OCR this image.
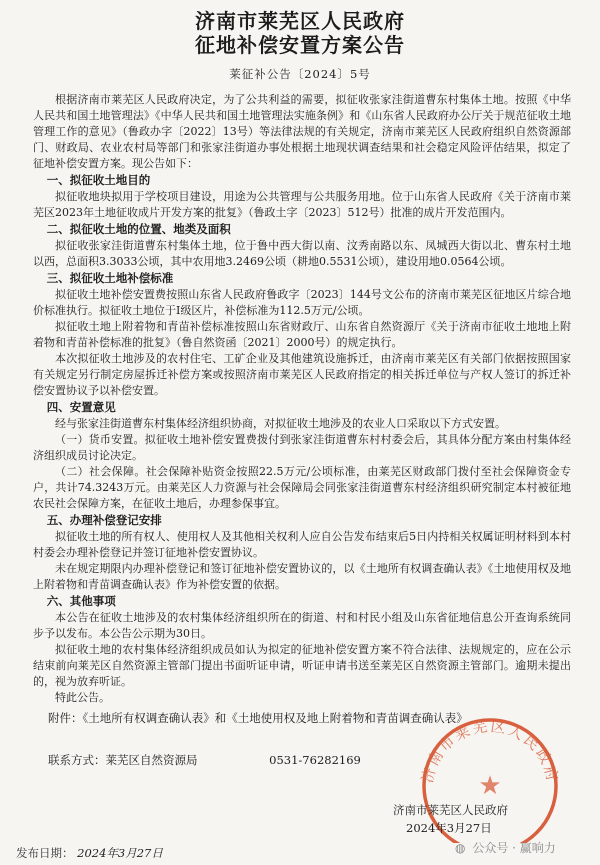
济南市莱芜区人民政府
征地补偿安置方案公告
莱征补公告〔2024〕5号

根据济南市莱芜区人民政府决定，为了公共利益的需要，拟征收张家洼街道曹东村集体土地。按照《中华人民共和国土地管理法》《中华人民共和国土地管理法实施条例》和《山东省人民政府办公厅关于规范征收土地管理工作的意见》（鲁政办字〔2022〕13号）等法律法规的有关规定，济南市莱芜区人民政府组织自然资源部门、财政局、农业农村局等部门和张家洼街道办事处根据土地现状调查结果和社会稳定风险评估结果，拟定了征地补偿安置方案。现公告如下：

一、拟征收土地目的

拟征收地块拟用于学校项目建设，用途为公共管理与公共服务用地。位于山东省人民政府《关于济南市莱芜区2023年土地征收成片开发方案的批复》（鲁政土字〔2023〕512号）批准的成片开发范围内。

二、拟征收土地的位置、地类及面积

拟征收张家洼街道曹东村集体土地，位于鲁中西大街以南、汶秀南路以东、凤城西大街以北、曹东村土地以西，总面积3.3033公顷，其中农用地3.2469公顷（耕地0.5531公顷），建设用地0.0564公顷。

三、拟征收土地补偿标准

拟征收土地补偿安置费按照山东省人民政府鲁政字〔2023〕144号文公布的济南市莱芜区征地区片综合地价标准执行。拟征收土地位于Ⅰ级区片，补偿标准为112.5万元/公顷。

拟征收土地上附着物和青苗补偿标准按照山东省财政厅、山东省自然资源厅《关于济南市征收土地地上附着物和青苗补偿标准的批复》（鲁自然资函〔2021〕2000号）的规定执行。

本次拟征收土地涉及的农村住宅、工矿企业及其他建筑设施拆迁，由济南市莱芜区有关部门依据按照国家有关规定另行制定房屋拆迁补偿方案或按照济南市莱芜区人民政府指定的相关拆迁单位与产权人签订的拆迁补偿安置协议予以补偿安置。

四、安置意见

经与张家洼街道曹东村集体经济组织协商，对拟征收土地涉及的农业人口采取以下方式安置。

（一）货币安置。拟征收土地补偿安置费拨付到张家洼街道曹东村村委会后，其具体分配方案由村集体经济组织成员讨论决定。

（二）社会保障。社会保障补贴资金按照22.5万元/公顷标准，由莱芜区财政部门拨付至社会保障资金专户，共计74.3243万元。由莱芜区人力资源与社会保障局会同张家洼街道曹东村经济组织研究制定本村被征地农民社会保障方案，在征收土地后，办理参保事宜。

五、办理补偿登记安排

拟征收土地的所有权人、使用权人及其他相关权利人应自公告发布结束后5日内持相关权属证明材料到本村村委会办理补偿登记并签订征地补偿安置协议。

未在规定期限内办理补偿登记和签订征地补偿安置协议的，以《土地所有权调查确认表》《土地使用权及地上附着物和青苗调查确认表》作为补偿安置的依据。

六、其他事项

本公告在征收土地涉及的农村集体经济组织所在的街道、村和村民小组及山东省征地信息公开查询系统同步予以发布。本公告公示期为30日。

拟征收土地的农村集体经济组织成员如认为拟定的征地补偿安置方案不符合法律、法规规定的，应在公示结束前向莱芜区自然资源主管部门提出书面听证申请，听证申请书送至莱芜区自然资源主管部门。逾期未提出的，视为放弃听证。

特此公告。

附件：《土地所有权调查确认表》和《土地使用权及地上附着物和青苗调查确认表》
联系方式：莱芜区自然资源局	0531-76282169
济南市莱芜区人民政府
★
济南市莱芜区人民政府
2024年3月27日
发布日期： 2024年3月27日	◍ 公众号 · 赢响力
